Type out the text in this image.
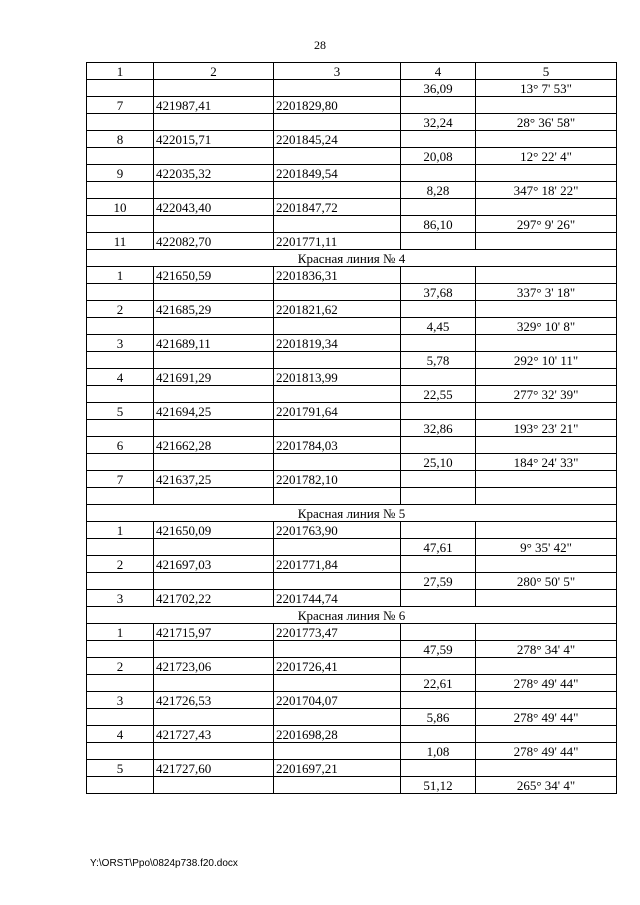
28
1	2	3	4	5
			36,09	13° 7' 53"
7	421987,41	2201829,80		
			32,24	28° 36' 58"
8	422015,71	2201845,24		
			20,08	12° 22' 4"
9	422035,32	2201849,54		
			8,28	347° 18' 22"
10	422043,40	2201847,72		
			86,10	297° 9' 26"
11	422082,70	2201771,11		
Красная линия № 4				
1	421650,59	2201836,31		
			37,68	337° 3' 18"
2	421685,29	2201821,62		
			4,45	329° 10' 8"
3	421689,11	2201819,34		
			5,78	292° 10' 11"
4	421691,29	2201813,99		
			22,55	277° 32' 39"
5	421694,25	2201791,64		
			32,86	193° 23' 21"
6	421662,28	2201784,03		
			25,10	184° 24' 33"
7	421637,25	2201782,10		

Красная линия № 5				
1	421650,09	2201763,90		
			47,61	9° 35' 42"
2	421697,03	2201771,84		
			27,59	280° 50' 5"
3	421702,22	2201744,74		
Красная линия № 6				
1	421715,97	2201773,47		
			47,59	278° 34' 4"
2	421723,06	2201726,41		
			22,61	278° 49' 44"
3	421726,53	2201704,07		
			5,86	278° 49' 44"
4	421727,43	2201698,28		
			1,08	278° 49' 44"
5	421727,60	2201697,21		
			51,12	265° 34' 4"
Y:\ORST\Ppo\0824p738.f20.docx
